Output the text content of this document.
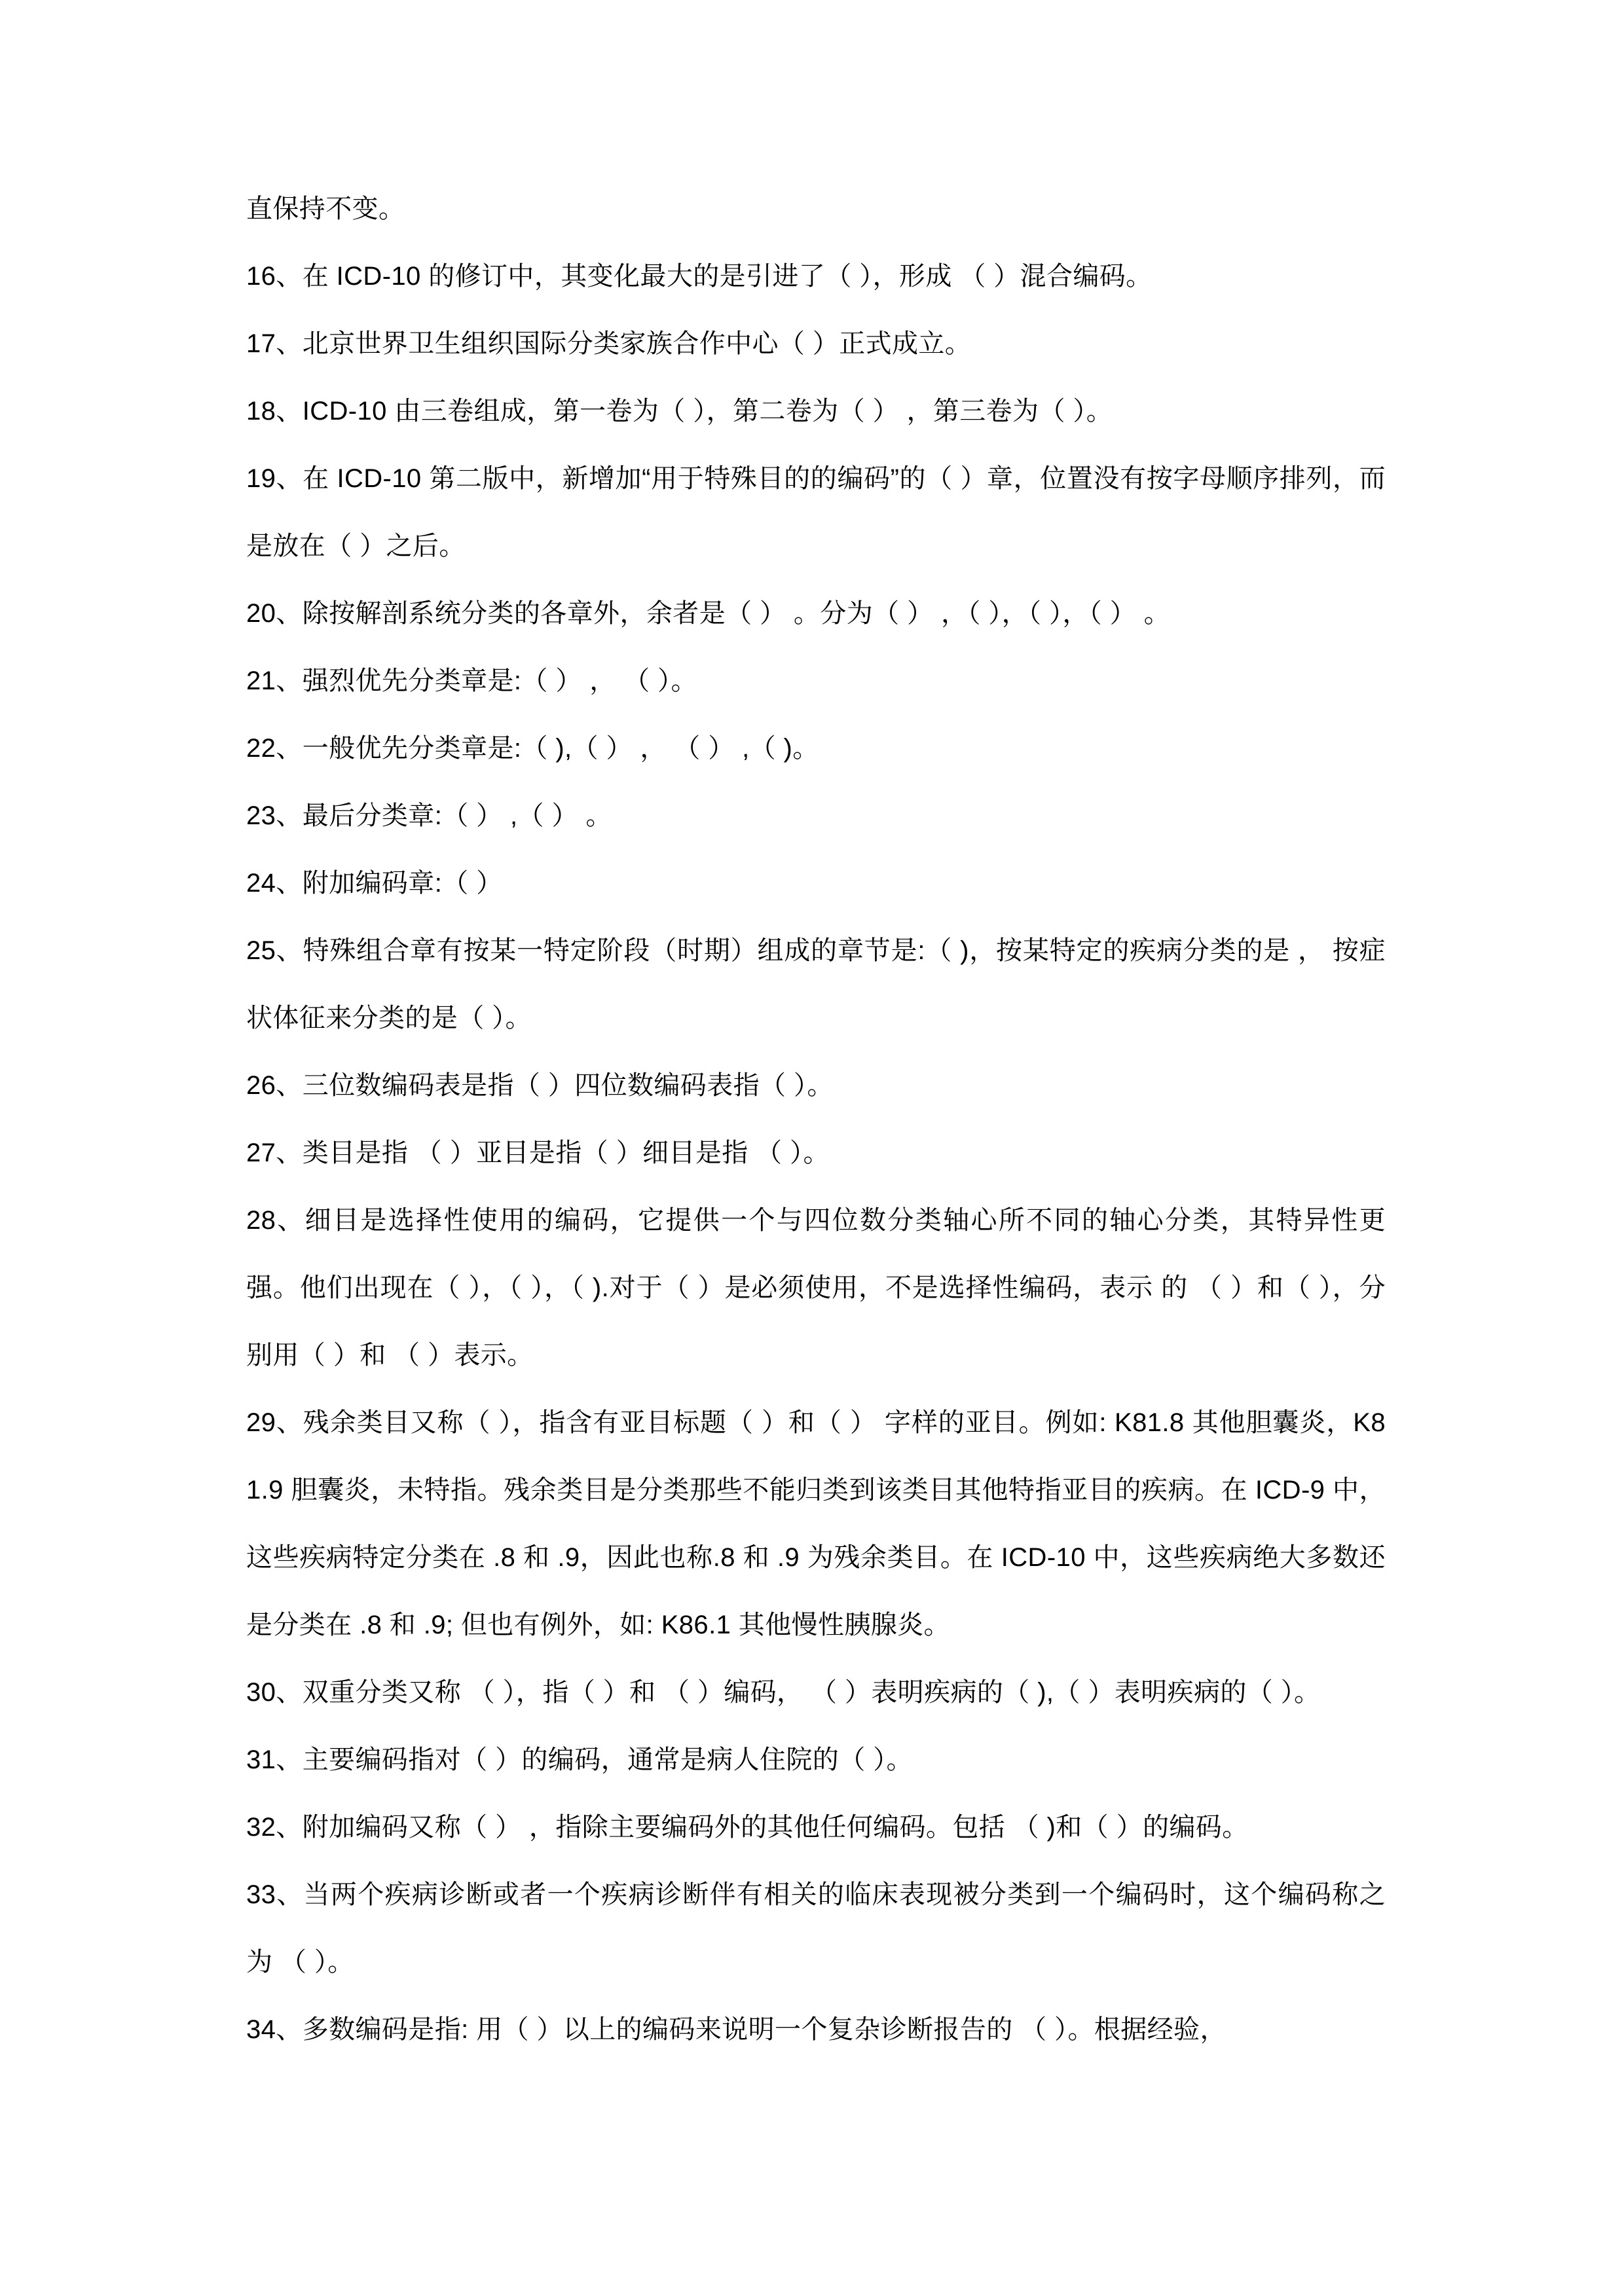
直保持不变。

16、在 ICD-10 的修订中，其变化最大的是引进了（ ），形成 （ ）混合编码。

17、北京世界卫生组织国际分类家族合作中心（ ）正式成立。

18、ICD-10 由三卷组成，第一卷为（ ），第二卷为（ ） ，第三卷为（ ）。

19、在 ICD-10 第二版中，新增加“用于特殊目的的编码”的（ ）章，位置没有按字母顺序排列，而是放在（ ）之后。

20、除按解剖系统分类的各章外，余者是（ ） 。分为（ ） ，（ ），（ ），（ ） 。

21、强烈优先分类章是:（ ） ， （ ）。

22、一般优先分类章是:（ ),（ ） ， （ ） ,（ )。

23、最后分类章:（ ） ,（ ） 。

24、附加编码章:（ ）

25、特殊组合章有按某一特定阶段（时期）组成的章节是:（ )，按某特定的疾病分类的是 ， 按症状体征来分类的是（ ）。

26、三位数编码表是指（ ）四位数编码表指（ ）。

27、类目是指 （ ）亚目是指（ ）细目是指 （ ）。

28、细目是选择性使用的编码，它提供一个与四位数分类轴心所不同的轴心分类，其特异性更强。他们出现在（ ），（ ），（ ).对于（ ）是必须使用，不是选择性编码，表示 的 （ ）和（ ），分别用（ ）和 （ ）表示。

29、残余类目又称（ ），指含有亚目标题（ ）和（ ） 字样的亚目。例如: K81.8 其他胆囊炎，K81.9 胆囊炎，未特指。残余类目是分类那些不能归类到该类目其他特指亚目的疾病。在 ICD-9 中，这些疾病特定分类在 .8 和 .9，因此也称.8 和 .9 为残余类目。在 ICD-10 中，这些疾病绝大多数还是分类在 .8 和 .9; 但也有例外，如: K86.1 其他慢性胰腺炎。

30、双重分类又称 （ ），指（ ）和 （ ）编码， （ ）表明疾病的（ ),（ ）表明疾病的（ ）。

31、主要编码指对（ ）的编码，通常是病人住院的（ ）。

32、附加编码又称（ ） ，指除主要编码外的其他任何编码。包括 （ )和（ ）的编码。

33、当两个疾病诊断或者一个疾病诊断伴有相关的临床表现被分类到一个编码时，这个编码称之为 （ ）。

34、多数编码是指: 用（ ）以上的编码来说明一个复杂诊断报告的 （ ）。根据经验，
